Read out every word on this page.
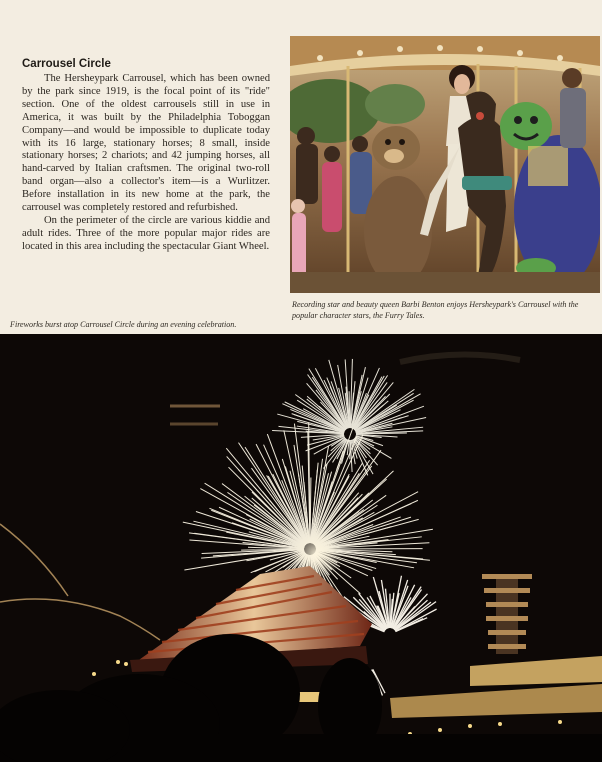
Carrousel Circle

The Hersheypark Carrousel, which has been owned by the park since 1919, is the focal point of its "ride" section. One of the oldest carrousels still in use in America, it was built by the Philadelphia Toboggan Company—and would be impossible to duplicate today with its 16 large, stationary horses; 8 small, inside stationary horses; 2 chariots; and 42 jumping horses, all hand-carved by Italian craftsmen. The original two-roll band organ—also a collector's item—is a Wurlitzer. Before installation in its new home at the park, the carrousel was completely restored and refurbished.

On the perimeter of the circle are various kiddie and adult rides. Three of the more popular major rides are located in this area including the spectacular Giant Wheel.

Recording star and beauty queen Barbi Benton enjoys Hersheypark's Carrousel with the popular character stars, the Furry Tales.
Fireworks burst atop Carrousel Circle during an evening celebration.
